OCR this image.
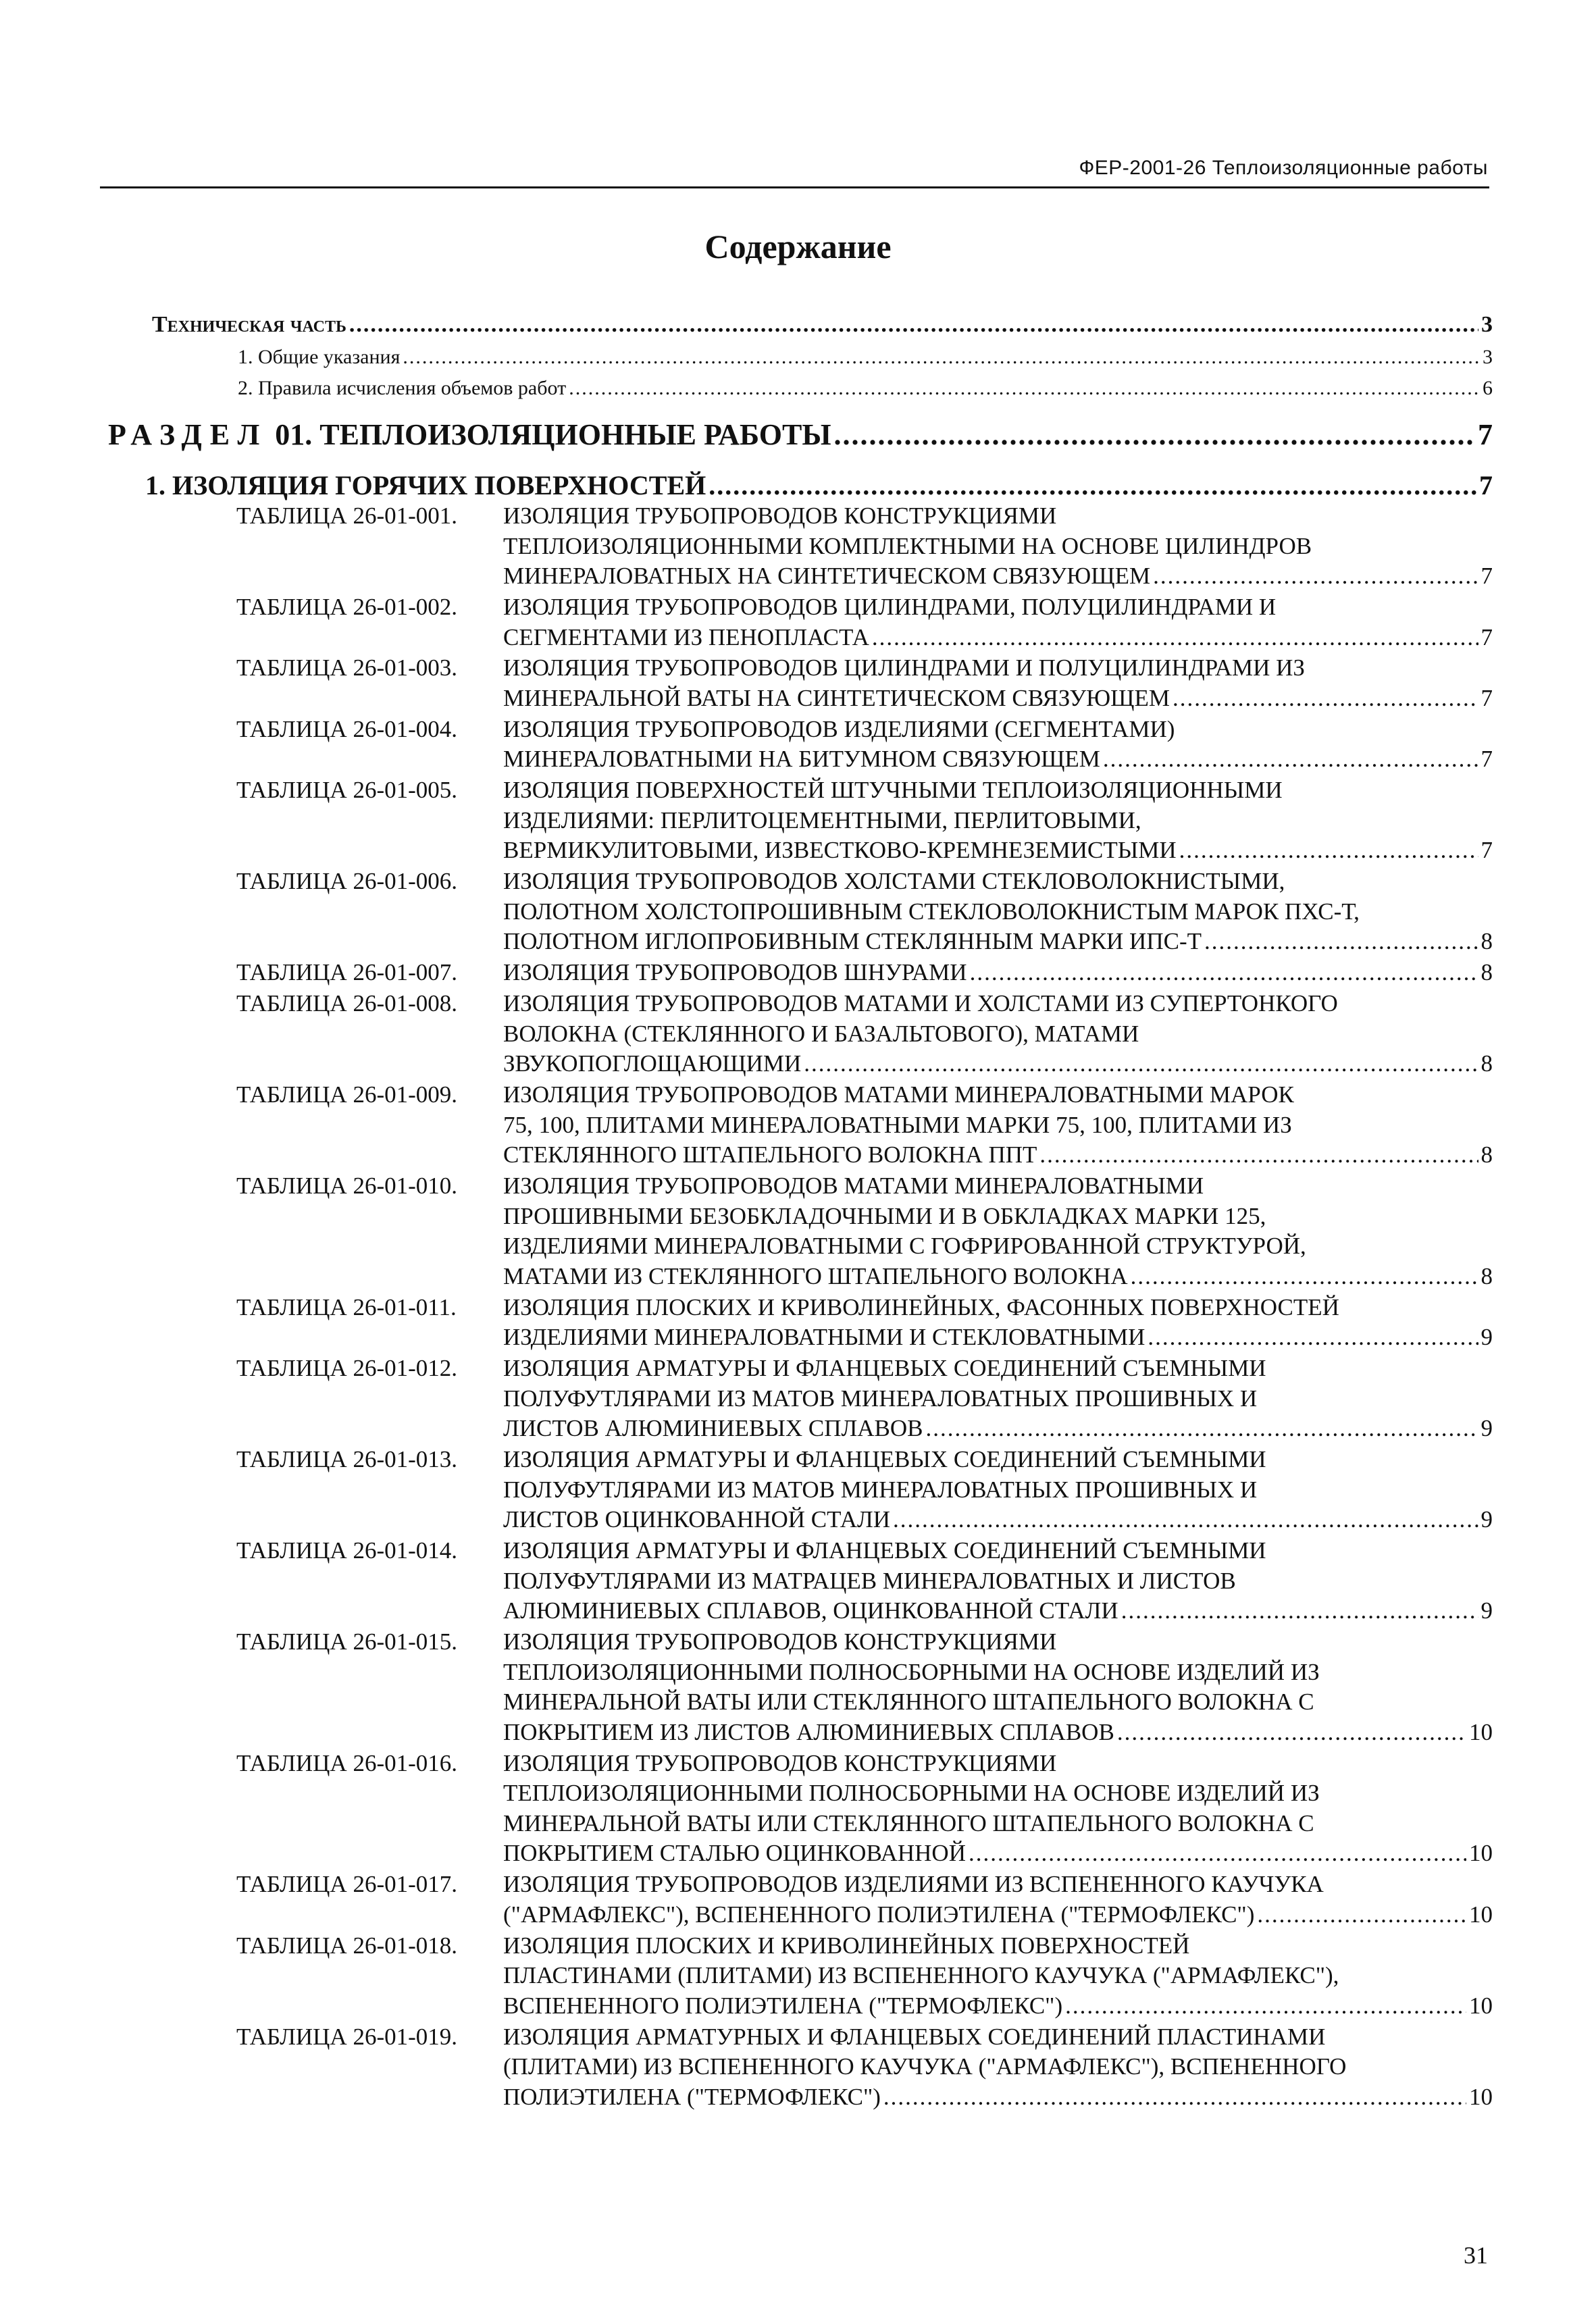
ФЕР-2001-26 Теплоизоляционные работы
Содержание
Техническая часть .....	3
1. Общие указания .....	3
2. Правила исчисления объемов работ .....	6
РАЗДЕЛ 01. ТЕПЛОИЗОЛЯЦИОННЫЕ РАБОТЫ .....	7
1. ИЗОЛЯЦИЯ ГОРЯЧИХ ПОВЕРХНОСТЕЙ .....	7
ТАБЛИЦА 26-01-001. ИЗОЛЯЦИЯ ТРУБОПРОВОДОВ КОНСТРУКЦИЯМИ
ТЕПЛОИЗОЛЯЦИОННЫМИ КОМПЛЕКТНЫМИ НА ОСНОВЕ ЦИЛИНДРОВ
МИНЕРАЛОВАТНЫХ НА СИНТЕТИЧЕСКОМ СВЯЗУЮЩЕМ .....	7
ТАБЛИЦА 26-01-002. ИЗОЛЯЦИЯ ТРУБОПРОВОДОВ ЦИЛИНДРАМИ, ПОЛУЦИЛИНДРАМИ И
СЕГМЕНТАМИ ИЗ ПЕНОПЛАСТА .....	7
ТАБЛИЦА 26-01-003. ИЗОЛЯЦИЯ ТРУБОПРОВОДОВ ЦИЛИНДРАМИ И ПОЛУЦИЛИНДРАМИ ИЗ
МИНЕРАЛЬНОЙ ВАТЫ НА СИНТЕТИЧЕСКОМ СВЯЗУЮЩЕМ .....	7
ТАБЛИЦА 26-01-004. ИЗОЛЯЦИЯ ТРУБОПРОВОДОВ ИЗДЕЛИЯМИ (СЕГМЕНТАМИ)
МИНЕРАЛОВАТНЫМИ НА БИТУМНОМ СВЯЗУЮЩЕМ .....	7
ТАБЛИЦА 26-01-005. ИЗОЛЯЦИЯ ПОВЕРХНОСТЕЙ ШТУЧНЫМИ ТЕПЛОИЗОЛЯЦИОННЫМИ
ИЗДЕЛИЯМИ: ПЕРЛИТОЦЕМЕНТНЫМИ, ПЕРЛИТОВЫМИ,
ВЕРМИКУЛИТОВЫМИ, ИЗВЕСТКОВО-КРЕМНЕЗЕМИСТЫМИ .....	7
ТАБЛИЦА 26-01-006. ИЗОЛЯЦИЯ ТРУБОПРОВОДОВ ХОЛСТАМИ СТЕКЛОВОЛОКНИСТЫМИ,
ПОЛОТНОМ ХОЛСТОПРОШИВНЫМ СТЕКЛОВОЛОКНИСТЫМ МАРОК ПХС-Т,
ПОЛОТНОМ ИГЛОПРОБИВНЫМ СТЕКЛЯННЫМ МАРКИ ИПС-Т .....	8
ТАБЛИЦА 26-01-007. ИЗОЛЯЦИЯ ТРУБОПРОВОДОВ ШНУРАМИ .....	8
ТАБЛИЦА 26-01-008. ИЗОЛЯЦИЯ ТРУБОПРОВОДОВ МАТАМИ И ХОЛСТАМИ ИЗ СУПЕРТОНКОГО
ВОЛОКНА (СТЕКЛЯННОГО И БАЗАЛЬТОВОГО), МАТАМИ
ЗВУКОПОГЛОЩАЮЩИМИ .....	8
ТАБЛИЦА 26-01-009. ИЗОЛЯЦИЯ ТРУБОПРОВОДОВ МАТАМИ МИНЕРАЛОВАТНЫМИ МАРОК
75, 100, ПЛИТАМИ МИНЕРАЛОВАТНЫМИ МАРКИ 75, 100, ПЛИТАМИ ИЗ
СТЕКЛЯННОГО ШТАПЕЛЬНОГО ВОЛОКНА ППТ .....	8
ТАБЛИЦА 26-01-010. ИЗОЛЯЦИЯ ТРУБОПРОВОДОВ МАТАМИ МИНЕРАЛОВАТНЫМИ
ПРОШИВНЫМИ БЕЗОБКЛАДОЧНЫМИ И В ОБКЛАДКАХ МАРКИ 125,
ИЗДЕЛИЯМИ МИНЕРАЛОВАТНЫМИ С ГОФРИРОВАННОЙ СТРУКТУРОЙ,
МАТАМИ ИЗ СТЕКЛЯННОГО ШТАПЕЛЬНОГО ВОЛОКНА .....	8
ТАБЛИЦА 26-01-011. ИЗОЛЯЦИЯ ПЛОСКИХ И КРИВОЛИНЕЙНЫХ, ФАСОННЫХ ПОВЕРХНОСТЕЙ
ИЗДЕЛИЯМИ МИНЕРАЛОВАТНЫМИ И СТЕКЛОВАТНЫМИ .....	9
ТАБЛИЦА 26-01-012. ИЗОЛЯЦИЯ АРМАТУРЫ И ФЛАНЦЕВЫХ СОЕДИНЕНИЙ СЪЕМНЫМИ
ПОЛУФУТЛЯРАМИ ИЗ МАТОВ МИНЕРАЛОВАТНЫХ ПРОШИВНЫХ И
ЛИСТОВ АЛЮМИНИЕВЫХ СПЛАВОВ .....	9
ТАБЛИЦА 26-01-013. ИЗОЛЯЦИЯ АРМАТУРЫ И ФЛАНЦЕВЫХ СОЕДИНЕНИЙ СЪЕМНЫМИ
ПОЛУФУТЛЯРАМИ ИЗ МАТОВ МИНЕРАЛОВАТНЫХ ПРОШИВНЫХ И
ЛИСТОВ ОЦИНКОВАННОЙ СТАЛИ .....	9
ТАБЛИЦА 26-01-014. ИЗОЛЯЦИЯ АРМАТУРЫ И ФЛАНЦЕВЫХ СОЕДИНЕНИЙ СЪЕМНЫМИ
ПОЛУФУТЛЯРАМИ ИЗ МАТРАЦЕВ МИНЕРАЛОВАТНЫХ И ЛИСТОВ
АЛЮМИНИЕВЫХ СПЛАВОВ, ОЦИНКОВАННОЙ СТАЛИ .....	9
ТАБЛИЦА 26-01-015. ИЗОЛЯЦИЯ ТРУБОПРОВОДОВ КОНСТРУКЦИЯМИ
ТЕПЛОИЗОЛЯЦИОННЫМИ ПОЛНОСБОРНЫМИ НА ОСНОВЕ ИЗДЕЛИЙ ИЗ
МИНЕРАЛЬНОЙ ВАТЫ ИЛИ СТЕКЛЯННОГО ШТАПЕЛЬНОГО ВОЛОКНА С
ПОКРЫТИЕМ ИЗ ЛИСТОВ АЛЮМИНИЕВЫХ СПЛАВОВ .....	10
ТАБЛИЦА 26-01-016. ИЗОЛЯЦИЯ ТРУБОПРОВОДОВ КОНСТРУКЦИЯМИ
ТЕПЛОИЗОЛЯЦИОННЫМИ ПОЛНОСБОРНЫМИ НА ОСНОВЕ ИЗДЕЛИЙ ИЗ
МИНЕРАЛЬНОЙ ВАТЫ ИЛИ СТЕКЛЯННОГО ШТАПЕЛЬНОГО ВОЛОКНА С
ПОКРЫТИЕМ СТАЛЬЮ ОЦИНКОВАННОЙ .....	10
ТАБЛИЦА 26-01-017. ИЗОЛЯЦИЯ ТРУБОПРОВОДОВ ИЗДЕЛИЯМИ ИЗ ВСПЕНЕННОГО КАУЧУКА
("АРМАФЛЕКС"), ВСПЕНЕННОГО ПОЛИЭТИЛЕНА ("ТЕРМОФЛЕКС") .....	10
ТАБЛИЦА 26-01-018. ИЗОЛЯЦИЯ ПЛОСКИХ И КРИВОЛИНЕЙНЫХ ПОВЕРХНОСТЕЙ
ПЛАСТИНАМИ (ПЛИТАМИ) ИЗ ВСПЕНЕННОГО КАУЧУКА ("АРМАФЛЕКС"),
ВСПЕНЕННОГО ПОЛИЭТИЛЕНА ("ТЕРМОФЛЕКС") .....	10
ТАБЛИЦА 26-01-019. ИЗОЛЯЦИЯ АРМАТУРНЫХ И ФЛАНЦЕВЫХ СОЕДИНЕНИЙ ПЛАСТИНАМИ
(ПЛИТАМИ) ИЗ ВСПЕНЕННОГО КАУЧУКА ("АРМАФЛЕКС"), ВСПЕНЕННОГО
ПОЛИЭТИЛЕНА ("ТЕРМОФЛЕКС") .....	10
31
